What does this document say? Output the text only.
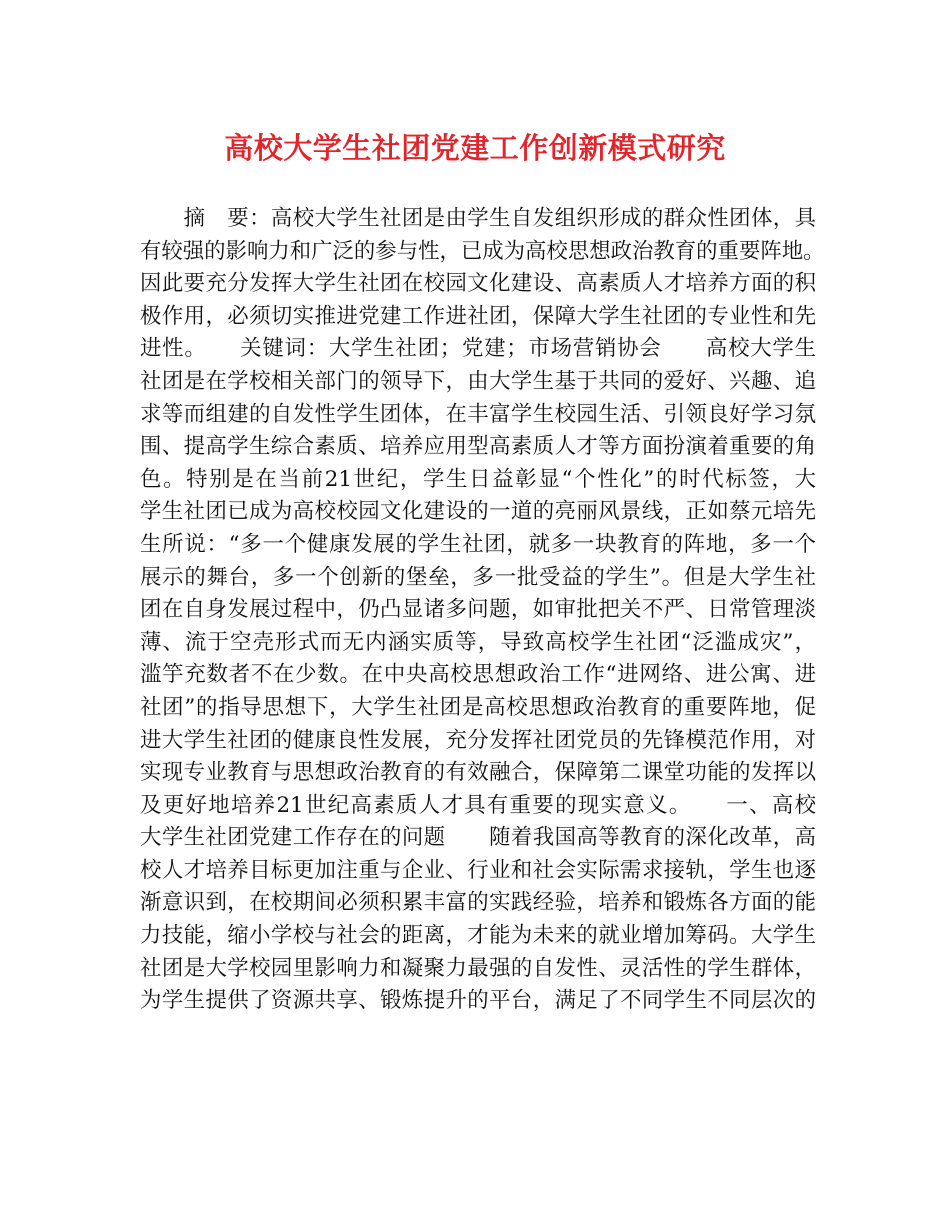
高校大学生社团党建工作创新模式研究
　　摘　要：高校大学生社团是由学生自发组织形成的群众性团体，具
有较强的影响力和广泛的参与性，已成为高校思想政治教育的重要阵地。
因此要充分发挥大学生社团在校园文化建设、高素质人才培养方面的积
极作用，必须切实推进党建工作进社团，保障大学生社团的专业性和先
进性。　　关键词：大学生社团；党建；市场营销协会　　高校大学生
社团是在学校相关部门的领导下，由大学生基于共同的爱好、兴趣、追
求等而组建的自发性学生团体，在丰富学生校园生活、引领良好学习氛
围、提高学生综合素质、培养应用型高素质人才等方面扮演着重要的角
色。特别是在当前21世纪，学生日益彰显“个性化”的时代标签，大
学生社团已成为高校校园文化建设的一道的亮丽风景线，正如蔡元培先
生所说：“多一个健康发展的学生社团，就多一块教育的阵地，多一个
展示的舞台，多一个创新的堡垒，多一批受益的学生”。但是大学生社
团在自身发展过程中，仍凸显诸多问题，如审批把关不严、日常管理淡
薄、流于空壳形式而无内涵实质等，导致高校学生社团“泛滥成灾”，
滥竽充数者不在少数。在中央高校思想政治工作“进网络、进公寓、进
社团”的指导思想下，大学生社团是高校思想政治教育的重要阵地，促
进大学生社团的健康良性发展，充分发挥社团党员的先锋模范作用，对
实现专业教育与思想政治教育的有效融合，保障第二课堂功能的发挥以
及更好地培养21世纪高素质人才具有重要的现实意义。　　一、高校
大学生社团党建工作存在的问题　　随着我国高等教育的深化改革，高
校人才培养目标更加注重与企业、行业和社会实际需求接轨，学生也逐
渐意识到，在校期间必须积累丰富的实践经验，培养和锻炼各方面的能
力技能，缩小学校与社会的距离，才能为未来的就业增加筹码。大学生
社团是大学校园里影响力和凝聚力最强的自发性、灵活性的学生群体，
为学生提供了资源共享、锻炼提升的平台，满足了不同学生不同层次的
